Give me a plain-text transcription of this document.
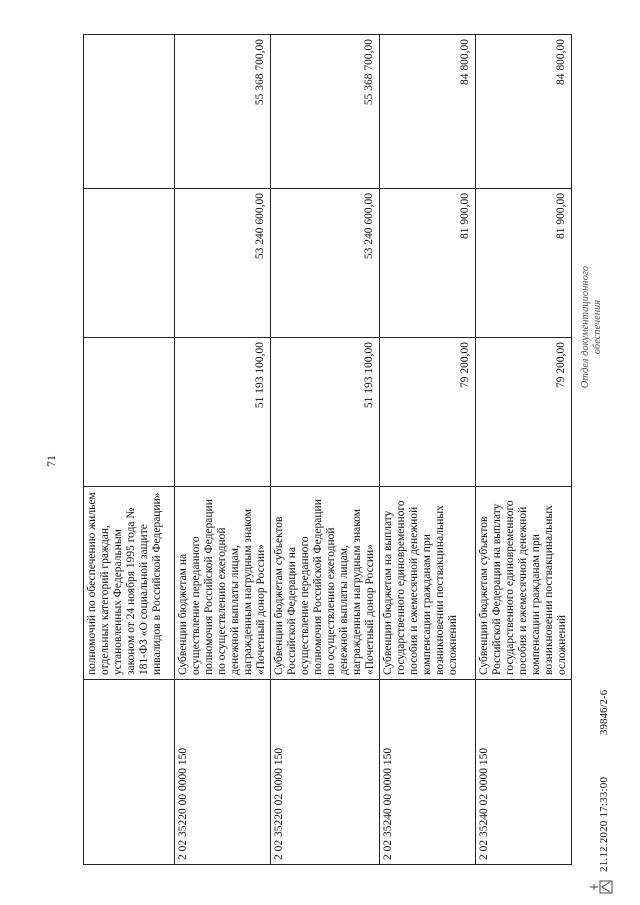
71
	полномочий по обеспечению жильем отдельных категорий граждан, установленных Федеральным законом от 24 ноября 1995 года № 181-ФЗ «О социальной защите инвалидов в Российской Федерации»			
2 02 35220 00 0000 150	Субвенции бюджетам на осуществление переданного полномочия Российской Федерации по осуществлению ежегодной денежной выплаты лицам, награжденным нагрудным знаком «Почетный донор России»	51 193 100,00	53 240 600,00	55 368 700,00
2 02 35220 02 0000 150	Субвенции бюджетам субъектов Российской Федерации на осуществление переданного полномочия Российской Федерации по осуществлению ежегодной денежной выплаты лицам, награжденным нагрудным знаком «Почетный донор России»	51 193 100,00	53 240 600,00	55 368 700,00
2 02 35240 00 0000 150	Субвенции бюджетам на выплату государственного единовременного пособия и ежемесячной денежной компенсации гражданам при возникновении поствакцинальных осложнений	79 200,00	81 900,00	84 800,00
2 02 35240 02 0000 150	Субвенции бюджетам субъектов Российской Федерации на выплату государственного единовременного пособия и ежемесячной денежной компенсации гражданам при возникновении поствакцинальных осложнений	79 200,00	81 900,00	84 800,00
21.12.2020 17:33:00
39846/2-6
Отдел документационного обеспечения
